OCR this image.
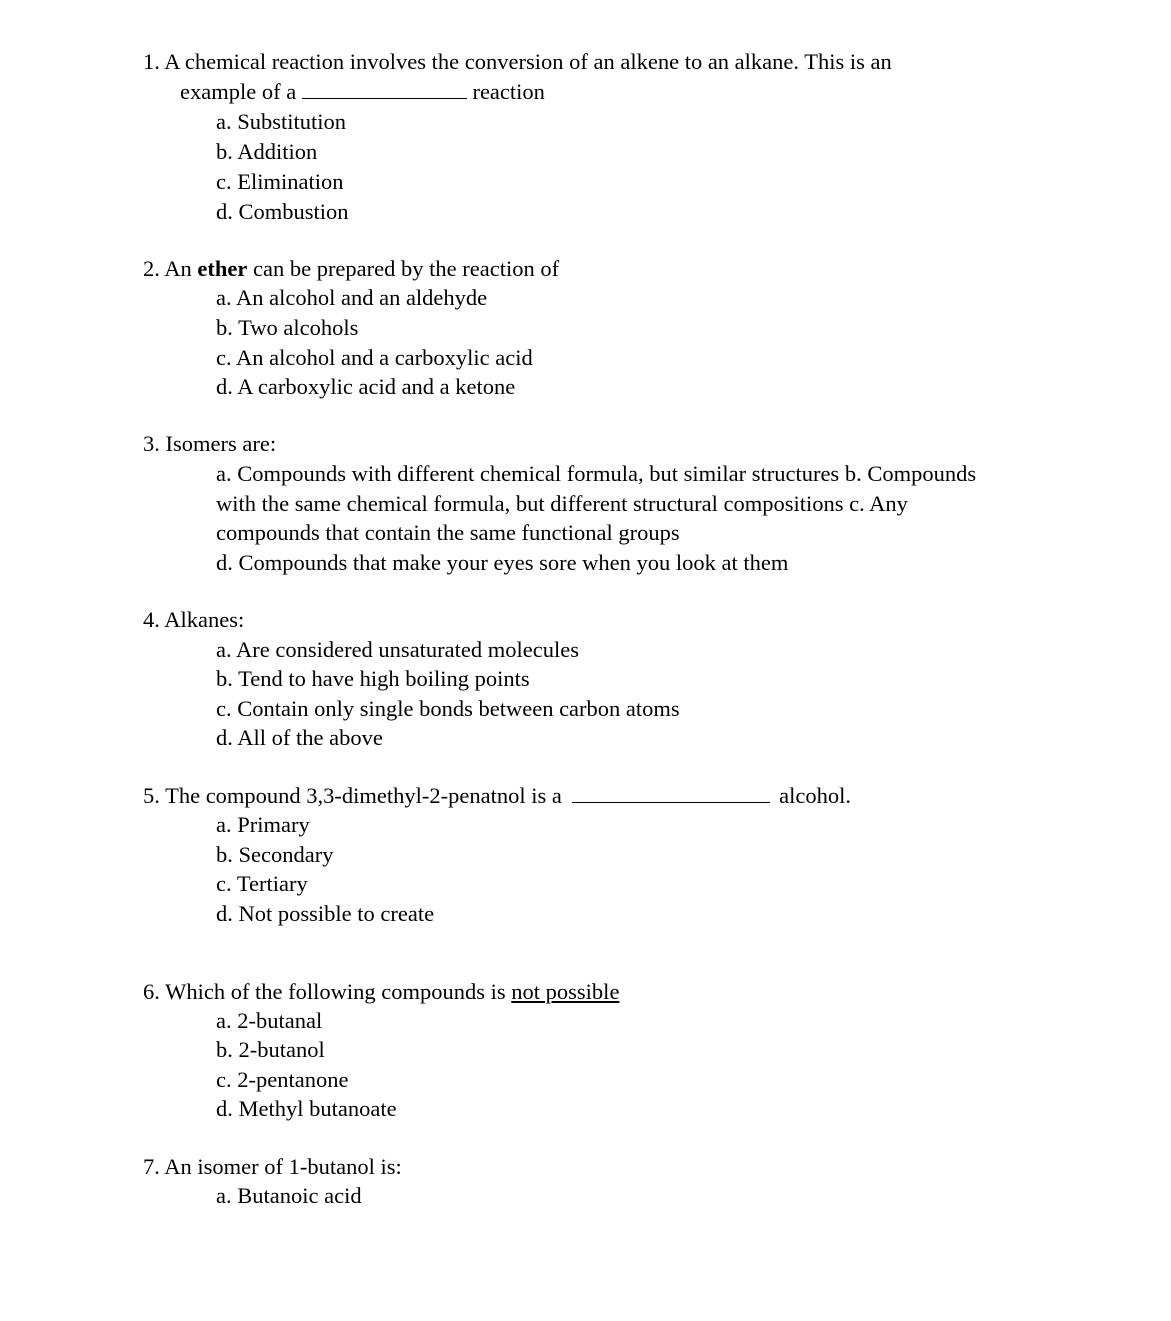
1. A chemical reaction involves the conversion of an alkene to an alkane. This is an
example of a	reaction
a. Substitution
b. Addition
c. Elimination
d. Combustion
2. An ether can be prepared by the reaction of
a. An alcohol and an aldehyde
b. Two alcohols
c. An alcohol and a carboxylic acid
d. A carboxylic acid and a ketone
3. Isomers are:
a. Compounds with different chemical formula, but similar structures b. Compounds
with the same chemical formula, but different structural compositions c. Any
compounds that contain the same functional groups
d. Compounds that make your eyes sore when you look at them
4. Alkanes:
a. Are considered unsaturated molecules
b. Tend to have high boiling points
c. Contain only single bonds between carbon atoms
d. All of the above
5. The compound 3,3-dimethyl-2-penatnol is a	alcohol.
a. Primary
b. Secondary
c. Tertiary
d. Not possible to create
6. Which of the following compounds is not possible
a. 2-butanal
b. 2-butanol
c. 2-pentanone
d. Methyl butanoate
7. An isomer of 1-butanol is:
a. Butanoic acid
